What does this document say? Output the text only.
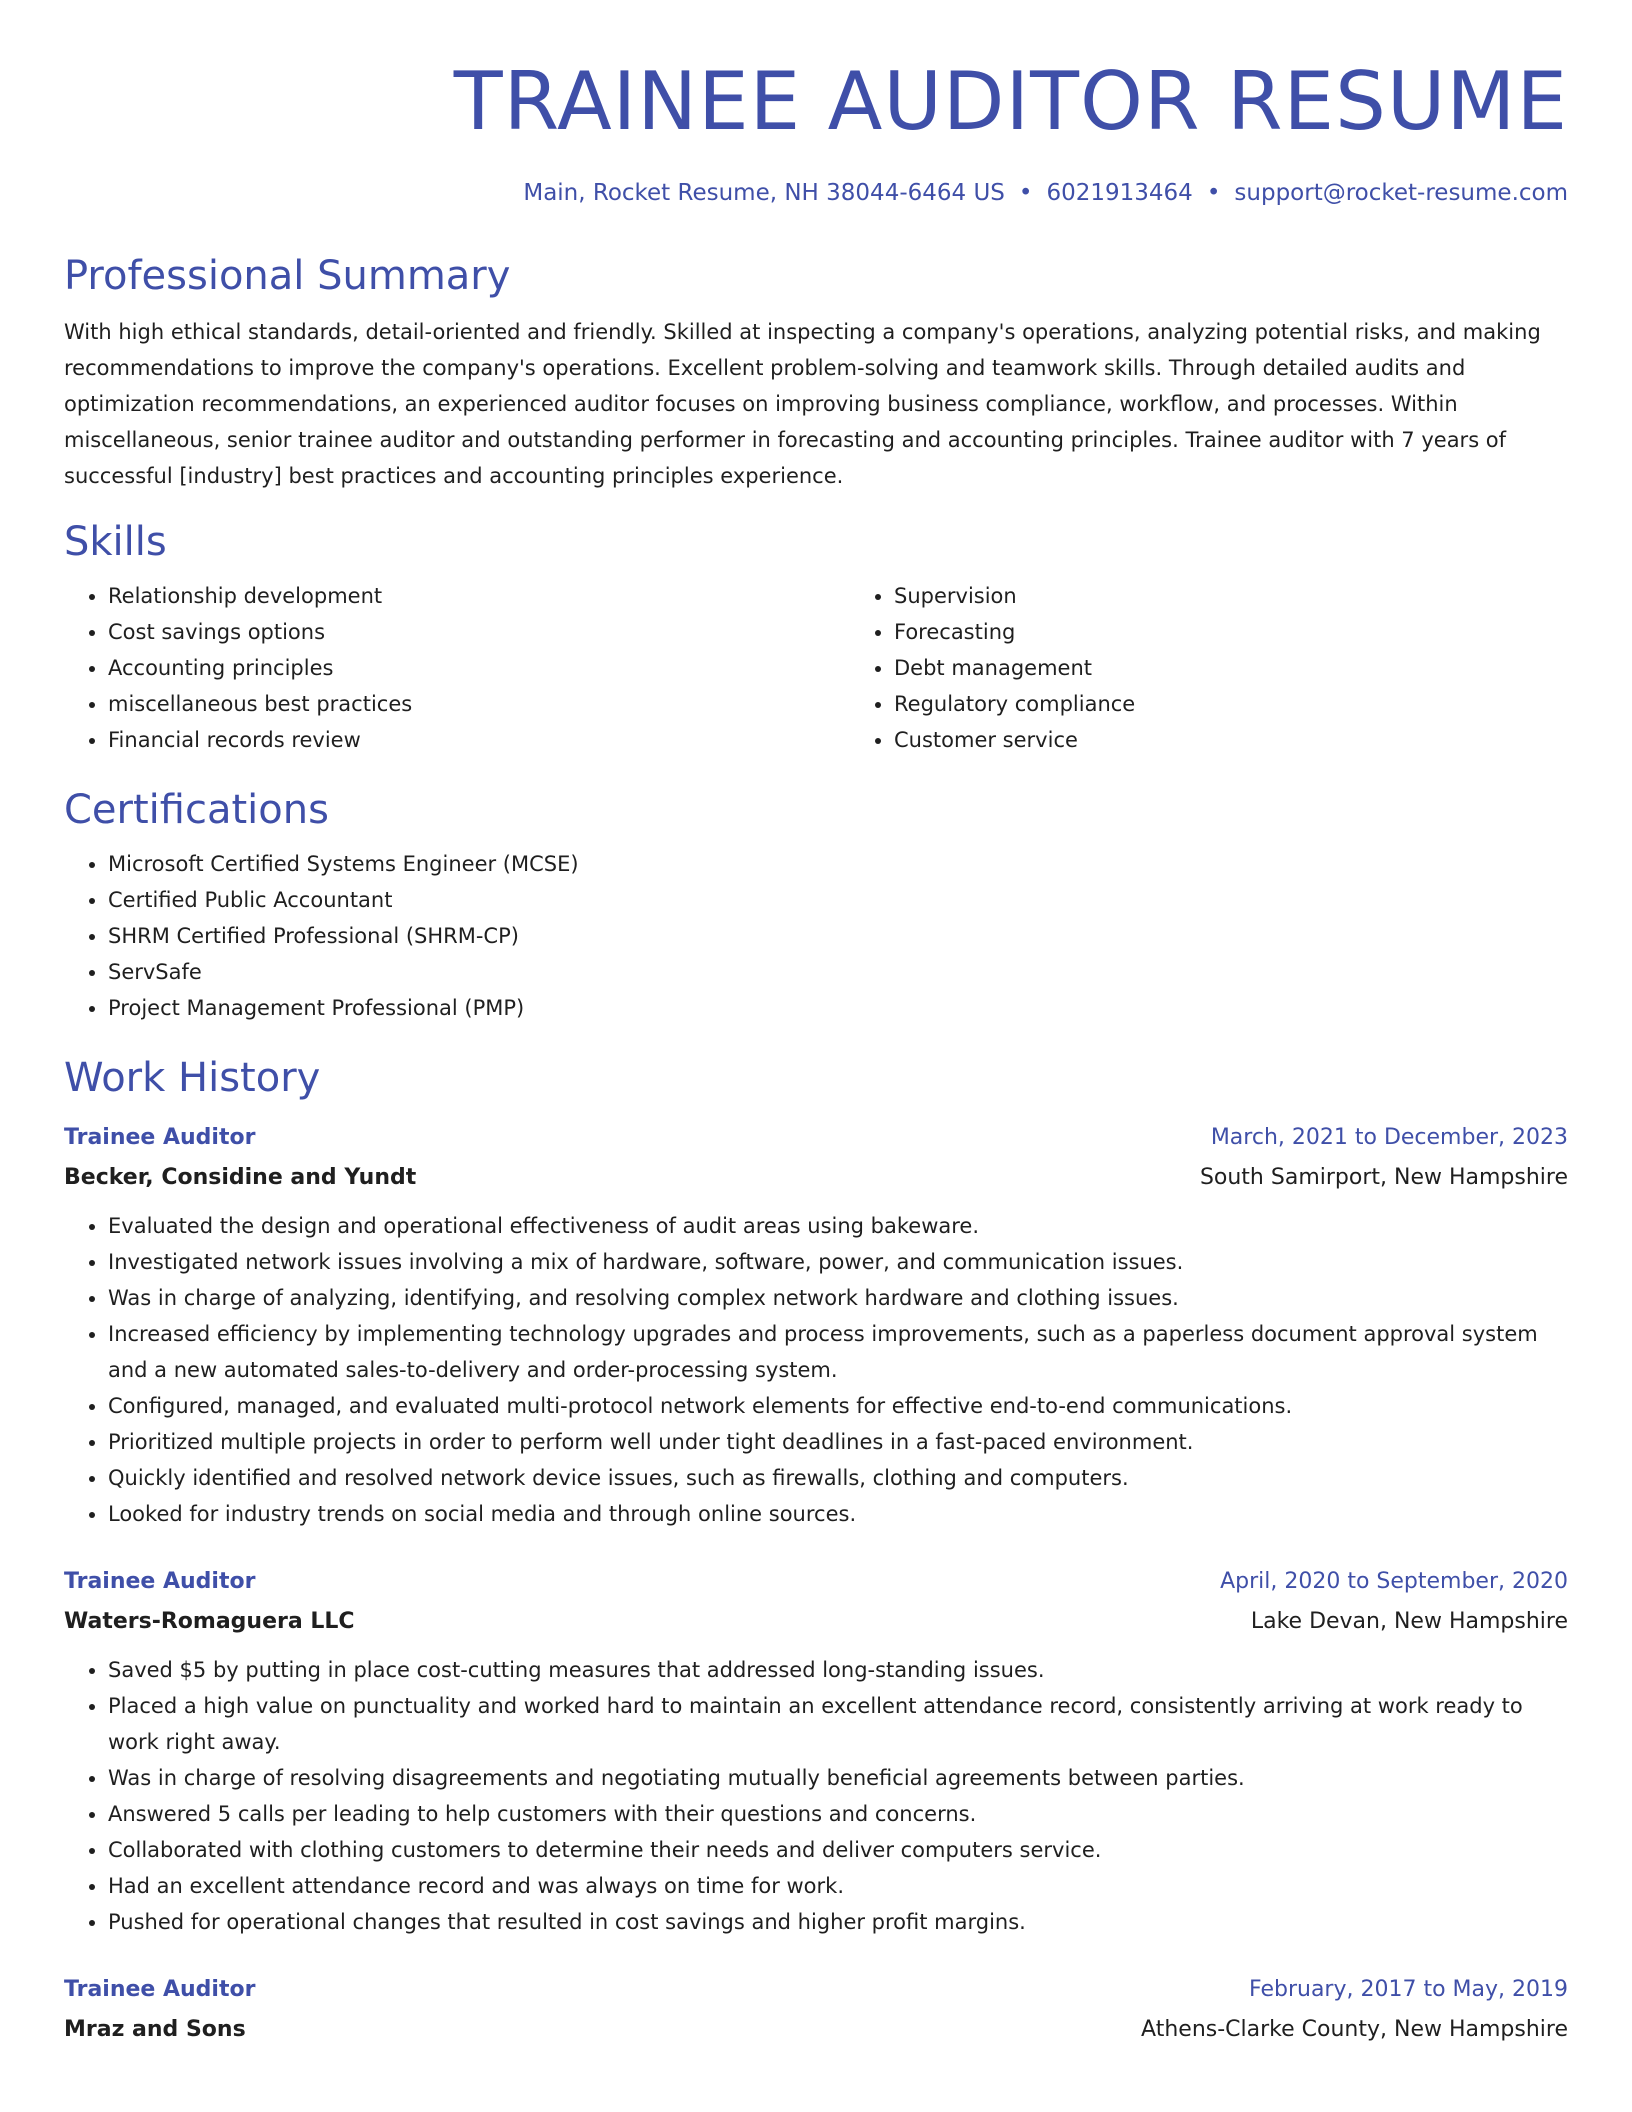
TRAINEE AUDITOR RESUME
Main, Rocket Resume, NH 38044-6464 US • 6021913464 • support@rocket-resume.com
Professional Summary
With high ethical standards, detail-oriented and friendly. Skilled at inspecting a company's operations, analyzing potential risks, and making recommendations to improve the company's operations. Excellent problem-solving and teamwork skills. Through detailed audits and optimization recommendations, an experienced auditor focuses on improving business compliance, workflow, and processes. Within miscellaneous, senior trainee auditor and outstanding performer in forecasting and accounting principles. Trainee auditor with 7 years of successful [industry] best practices and accounting principles experience.
Skills
• Relationship development
• Cost savings options
• Accounting principles
• miscellaneous best practices
• Financial records review
• Supervision
• Forecasting
• Debt management
• Regulatory compliance
• Customer service
Certifications
• Microsoft Certified Systems Engineer (MCSE)
• Certified Public Accountant
• SHRM Certified Professional (SHRM-CP)
• ServSafe
• Project Management Professional (PMP)
Work History
Trainee Auditor	March, 2021 to December, 2023
Becker, Considine and Yundt	South Samirport, New Hampshire
• Evaluated the design and operational effectiveness of audit areas using bakeware.
• Investigated network issues involving a mix of hardware, software, power, and communication issues.
• Was in charge of analyzing, identifying, and resolving complex network hardware and clothing issues.
• Increased efficiency by implementing technology upgrades and process improvements, such as a paperless document approval system and a new automated sales-to-delivery and order-processing system.
• Configured, managed, and evaluated multi-protocol network elements for effective end-to-end communications.
• Prioritized multiple projects in order to perform well under tight deadlines in a fast-paced environment.
• Quickly identified and resolved network device issues, such as firewalls, clothing and computers.
• Looked for industry trends on social media and through online sources.
Trainee Auditor	April, 2020 to September, 2020
Waters-Romaguera LLC	Lake Devan, New Hampshire
• Saved $5 by putting in place cost-cutting measures that addressed long-standing issues.
• Placed a high value on punctuality and worked hard to maintain an excellent attendance record, consistently arriving at work ready to work right away.
• Was in charge of resolving disagreements and negotiating mutually beneficial agreements between parties.
• Answered 5 calls per leading to help customers with their questions and concerns.
• Collaborated with clothing customers to determine their needs and deliver computers service.
• Had an excellent attendance record and was always on time for work.
• Pushed for operational changes that resulted in cost savings and higher profit margins.
Trainee Auditor	February, 2017 to May, 2019
Mraz and Sons	Athens-Clarke County, New Hampshire
